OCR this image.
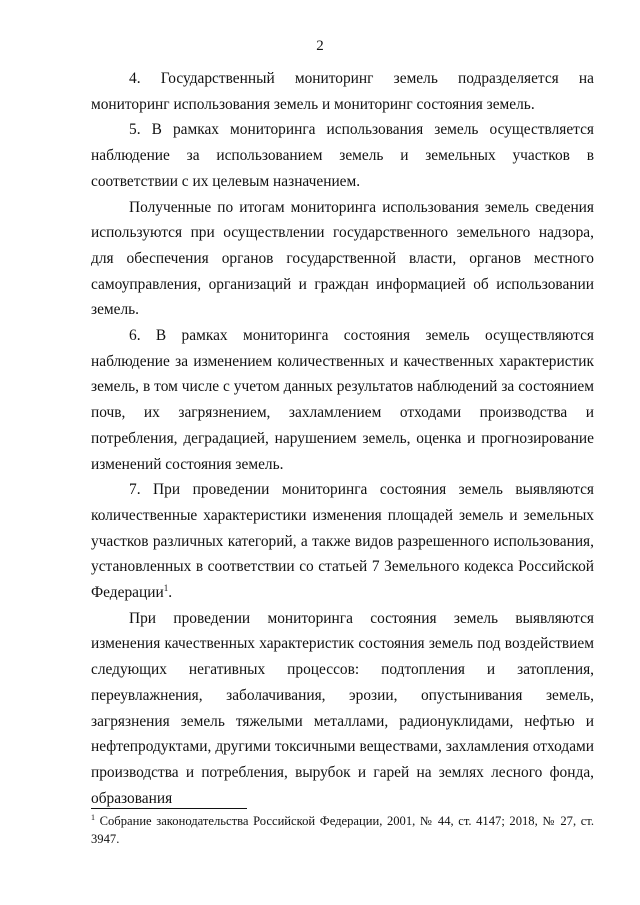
2

4. Государственный мониторинг земель подразделяется на мониторинг использования земель и мониторинг состояния земель.

5. В рамках мониторинга использования земель осуществляется наблюдение за использованием земель и земельных участков в соответствии с их целевым назначением.

Полученные по итогам мониторинга использования земель сведения используются при осуществлении государственного земельного надзора, для обеспечения органов государственной власти, органов местного самоуправления, организаций и граждан информацией об использовании земель.

6. В рамках мониторинга состояния земель осуществляются наблюдение за изменением количественных и качественных характеристик земель, в том числе с учетом данных результатов наблюдений за состоянием почв, их загрязнением, захламлением отходами производства и потребления, деградацией, нарушением земель, оценка и прогнозирование изменений состояния земель.

7. При проведении мониторинга состояния земель выявляются количественные характеристики изменения площадей земель и земельных участков различных категорий, а также видов разрешенного использования, установленных в соответствии со статьей 7 Земельного кодекса Российской Федерации$^1$.

При проведении мониторинга состояния земель выявляются изменения качественных характеристик состояния земель под воздействием следующих негативных процессов: подтопления и затопления, переувлажнения, заболачивания, эрозии, опустынивания земель, загрязнения земель тяжелыми металлами, радионуклидами, нефтью и нефтепродуктами, другими токсичными веществами, захламления отходами производства и потребления, вырубок и гарей на землях лесного фонда, образования

$^1$ Собрание законодательства Российской Федерации, 2001, № 44, ст. 4147; 2018, № 27, ст. 3947.
